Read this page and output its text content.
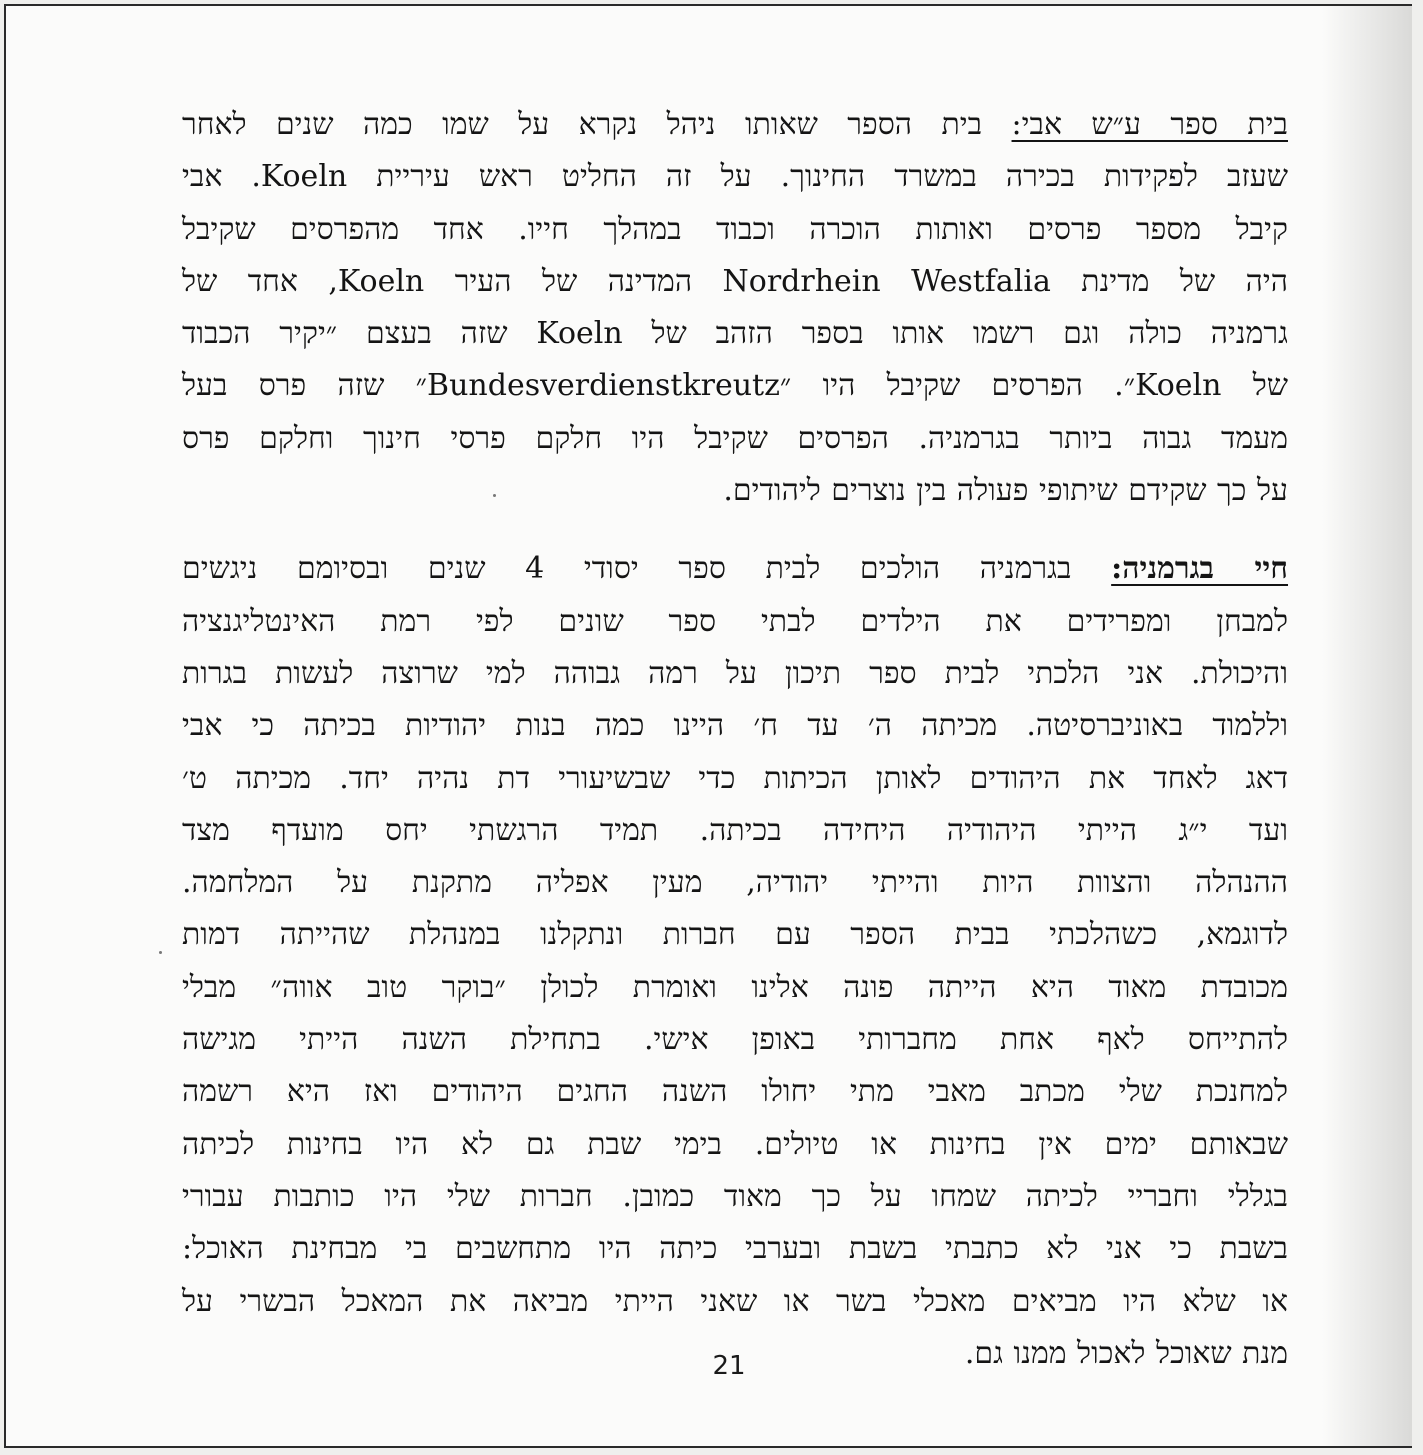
בית ספר ע״ש אבי: בית הספר שאותו ניהל נקרא על שמו כמה שנים לאחר
שעזב לפקידות בכירה במשרד החינוך. על זה החליט ראש עיריית Koeln. אבי
קיבל מספר פרסים ואותות הוכרה וכבוד במהלך חייו. אחד מהפרסים שקיבל
היה של מדינת Nordrhein Westfalia המדינה של העיר Koeln, אחד של
גרמניה כולה וגם רשמו אותו בספר הזהב של Koeln שזה בעצם ״יקיר הכבוד
של Koeln״. הפרסים שקיבל היו ״Bundesverdienstkreutz״ שזה פרס בעל
מעמד גבוה ביותר בגרמניה. הפרסים שקיבל היו חלקם פרסי חינוך וחלקם פרס
על כך שקידם שיתופי פעולה בין נוצרים ליהודים.
חיי בגרמניה: בגרמניה הולכים לבית ספר יסודי 4 שנים ובסיומם ניגשים
למבחן ומפרידים את הילדים לבתי ספר שונים לפי רמת האינטליגנציה
והיכולת. אני הלכתי לבית ספר תיכון על רמה גבוהה למי שרוצה לעשות בגרות
וללמוד באוניברסיטה. מכיתה ה׳ עד ח׳ היינו כמה בנות יהודיות בכיתה כי אבי
דאג לאחד את היהודים לאותן הכיתות כדי שבשיעורי דת נהיה יחד. מכיתה ט׳
ועד י״ג הייתי היהודיה היחידה בכיתה. תמיד הרגשתי יחס מועדף מצד
ההנהלה והצוות היות והייתי יהודיה, מעין אפליה מתקנת על המלחמה.
לדוגמא, כשהלכתי בבית הספר עם חברות ונתקלנו במנהלת שהייתה דמות
מכובדת מאוד היא הייתה פונה אלינו ואומרת לכולן ״בוקר טוב אווה״ מבלי
להתייחס לאף אחת מחברותי באופן אישי. בתחילת השנה הייתי מגישה
למחנכת שלי מכתב מאבי מתי יחולו השנה החגים היהודים ואז היא רשמה
שבאותם ימים אין בחינות או טיולים. בימי שבת גם לא היו בחינות לכיתה
בגללי וחבריי לכיתה שמחו על כך מאוד כמובן. חברות שלי היו כותבות עבורי
בשבת כי אני לא כתבתי בשבת ובערבי כיתה היו מתחשבים בי מבחינת האוכל:
או שלא היו מביאים מאכלי בשר או שאני הייתי מביאה את המאכל הבשרי על
מנת שאוכל לאכול ממנו גם.
21
